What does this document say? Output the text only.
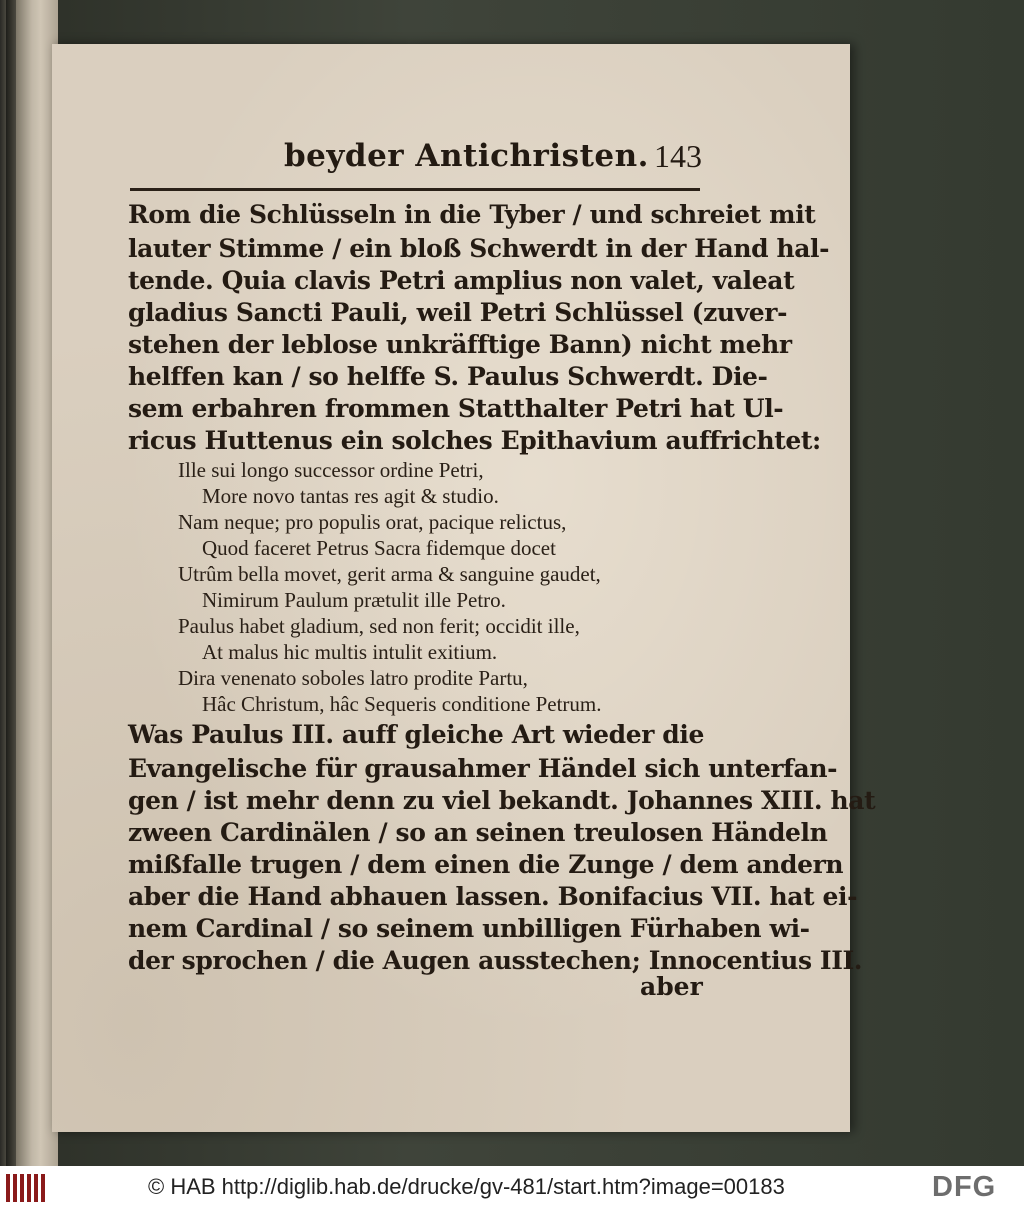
beyder Antichristen. 143
Rom die Schlüsseln in die Tyber / und schreiet mit
lauter Stimme / ein bloß Schwerdt in der Hand hal-
tende. Quia clavis Petri amplius non valet, valeat
gladius Sancti Pauli, weil Petri Schlüssel (zuver-
stehen der leblose unkräfftige Bann) nicht mehr
helffen kan / so helffe S. Paulus Schwerdt. Die-
sem erbahren frommen Statthalter Petri hat Ul-
ricus Huttenus ein solches Epithavium auffrichtet:
Ille sui longo successor ordine Petri,
More novo tantas res agit & studio.
Nam neque; pro populis orat, pacique relictus,
Quod faceret Petrus Sacra fidemque docet
Utrûm bella movet, gerit arma & sanguine gaudet,
Nimirum Paulum prætulit ille Petro.
Paulus habet gladium, sed non ferit; occidit ille,
At malus hic multis intulit exitium.
Dira venenato soboles latro prodite Partu,
Hâc Christum, hâc Sequeris conditione Petrum.
Was Paulus III. auff gleiche Art wieder die
Evangelische für grausahmer Händel sich unterfan-
gen / ist mehr denn zu viel bekandt. Johannes XIII. hat
zween Cardinälen / so an seinen treulosen Händeln
mißfalle trugen / dem einen die Zunge / dem andern
aber die Hand abhauen lassen. Bonifacius VII. hat ei-
nem Cardinal / so seinem unbilligen Fürhaben wi-
der sprochen / die Augen ausstechen; Innocentius III.
aber
© HAB http://diglib.hab.de/drucke/gv-481/start.htm?image=00183	DFG
